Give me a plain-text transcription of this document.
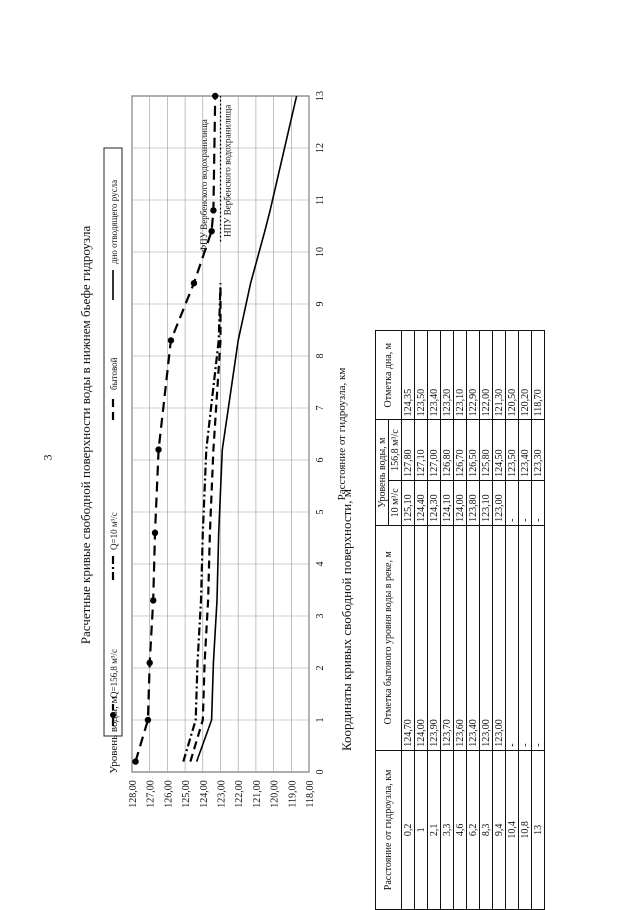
3
118,00
119,00
120,00
121,00
122,00
123,00
124,00
125,00
126,00
127,00
128,00
0
1
2
3
4
5
6
7
8
9
10
11
12
13
Расстояние от гидроузла, км
Уровень воды, м
Расчетные кривые свободной поверхности воды в нижнем бьефе гидроузла
Q=156,8 м³/с
Q=10 м³/с
бытовой
дно отводящего русла	ФПУ Вербенского водохранилища НПУ Вербенского водохранилища
Координаты кривых свободной поверхности, м
Расстояние от гидроузла, км	Отметка бытового уровня воды в реке, м	Уровень воды, м		Отметка дна, м
		10 м³/с	156,8 м³/с	
0,2	124,70	125,10	127,80	124,35
1	124,00	124,40	127,10	123,50
2,1	123,90	124,30	127,00	123,40
3,3	123,70	124,10	126,80	123,20
4,6	123,60	124,00	126,70	123,10
6,2	123,40	123,80	126,50	122,90
8,3	123,00	123,10	125,80	122,00
9,4	123,00	123,00	124,50	121,30
10,4	-	-	123,50	120,50
10,8	-	-	123,40	120,20
13	-	-	123,30	118,70
